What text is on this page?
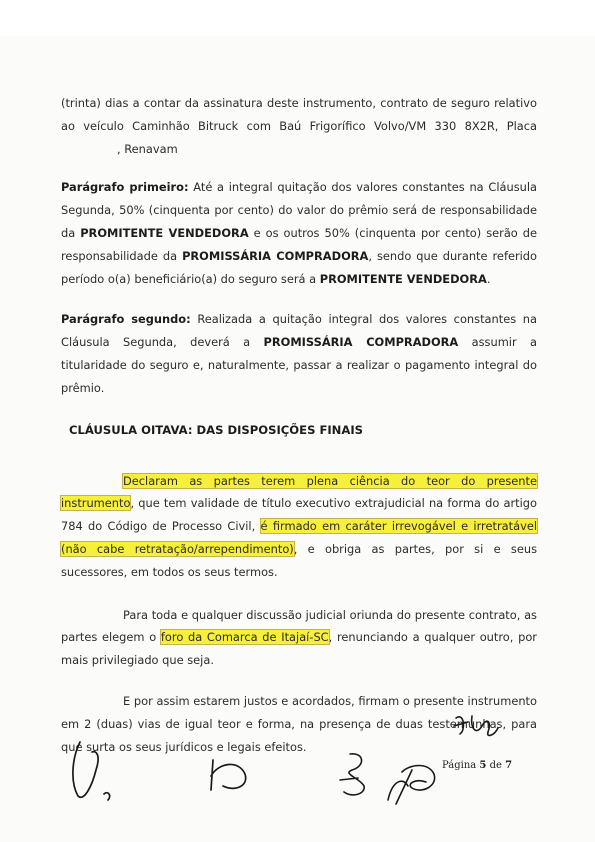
(trinta) dias a contar da assinatura deste instrumento, contrato de seguro relativo ao veículo Caminhão Bitruck com Baú Frigorífico Volvo/VM 330 8X2R, Placa , Renavam

Parágrafo primeiro: Até a integral quitação dos valores constantes na Cláusula Segunda, 50% (cinquenta por cento) do valor do prêmio será de responsabilidade da PROMITENTE VENDEDORA e os outros 50% (cinquenta por cento) serão de responsabilidade da PROMISSÁRIA COMPRADORA, sendo que durante referido período o(a) beneficiário(a) do seguro será a PROMITENTE VENDEDORA.

Parágrafo segundo: Realizada a quitação integral dos valores constantes na Cláusula Segunda, deverá a PROMISSÁRIA COMPRADORA assumir a titularidade do seguro e, naturalmente, passar a realizar o pagamento integral do prêmio.

CLÁUSULA OITAVA: DAS DISPOSIÇÕES FINAIS

Declaram as partes terem plena ciência do teor do presente instrumento, que tem validade de título executivo extrajudicial na forma do artigo 784 do Código de Processo Civil, é firmado em caráter irrevogável e irretratável (não cabe retratação/arrependimento), e obriga as partes, por si e seus sucessores, em todos os seus termos.

Para toda e qualquer discussão judicial oriunda do presente contrato, as partes elegem o foro da Comarca de Itajaí-SC, renunciando a qualquer outro, por mais privilegiado que seja.

E por assim estarem justos e acordados, firmam o presente instrumento em 2 (duas) vias de igual teor e forma, na presença de duas testemunhas, para que surta os seus jurídicos e legais efeitos.

Página 5 de 7
